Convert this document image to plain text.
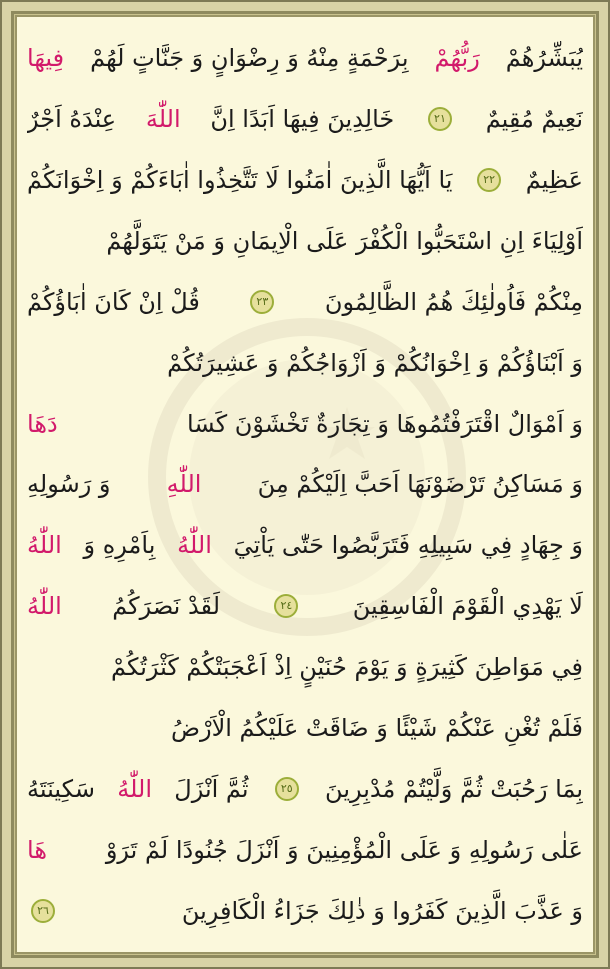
يُبَشِّرُهُمْ
رَبُّهُمْ
بِرَحْمَةٍ مِنْهُ وَ رِضْوَانٍ وَ جَنَّاتٍ لَهُمْ
فِيهَا
نَعِيمٌ مُقِيمٌ
٢١
خَالِدِينَ فِيهَا اَبَدًا اِنَّ
اللّٰهَ
عِنْدَهُ اَجْرٌ
عَظِيمٌ
٢٢
يَا اَيُّهَا الَّذِينَ اٰمَنُوا لَا تَتَّخِذُوا اٰبَاءَكُمْ وَ اِخْوَانَكُمْ
اَوْلِيَاءَ اِنِ اسْتَحَبُّوا الْكُفْرَ عَلَى الْاِيمَانِ وَ مَنْ يَتَوَلَّهُمْ
مِنْكُمْ فَاُولٰئِكَ هُمُ الظَّالِمُونَ
٢٣
قُلْ اِنْ كَانَ اٰبَاؤُكُمْ
وَ اَبْنَاؤُكُمْ وَ اِخْوَانُكُمْ وَ اَزْوَاجُكُمْ وَ عَشِيرَتُكُمْ
وَ اَمْوَالٌ اقْتَرَفْتُمُوهَا وَ تِجَارَةٌ تَخْشَوْنَ كَسَا
دَهَا
وَ مَسَاكِنُ تَرْضَوْنَهَا اَحَبَّ اِلَيْكُمْ مِنَ
اللّٰهِ
وَ رَسُولِهِ
وَ جِهَادٍ فِي سَبِيلِهِ فَتَرَبَّصُوا حَتّٰى يَاْتِيَ
اللّٰهُ
بِاَمْرِهِ وَ
اللّٰهُ
لَا يَهْدِي الْقَوْمَ الْفَاسِقِينَ
٢٤
لَقَدْ نَصَرَكُمُ
اللّٰهُ
فِي مَوَاطِنَ كَثِيرَةٍ وَ يَوْمَ حُنَيْنٍ اِذْ اَعْجَبَتْكُمْ كَثْرَتُكُمْ
فَلَمْ تُغْنِ عَنْكُمْ شَيْئًا وَ ضَاقَتْ عَلَيْكُمُ الْاَرْضُ
بِمَا رَحُبَتْ ثُمَّ وَلَّيْتُمْ مُدْبِرِينَ
٢٥
ثُمَّ اَنْزَلَ
اللّٰهُ
سَكِينَتَهُ
عَلٰى رَسُولِهِ وَ عَلَى الْمُؤْمِنِينَ وَ اَنْزَلَ جُنُودًا لَمْ تَرَوْ
هَا
وَ عَذَّبَ الَّذِينَ كَفَرُوا وَ ذٰلِكَ جَزَاءُ الْكَافِرِينَ
٢٦
